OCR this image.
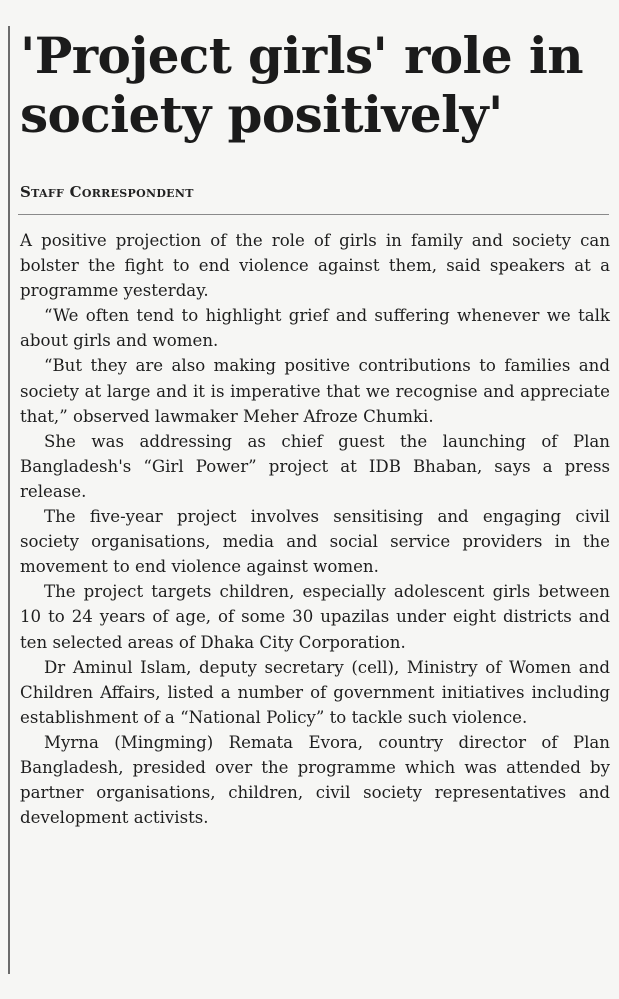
'Project girls' role in
society positively'
Staff Correspondent

A positive projection of the role of girls in family and society can bolster the fight to end violence against them, said speakers at a programme yesterday.

“We often tend to highlight grief and suffering whenever we talk about girls and women.

“But they are also making positive contributions to families and society at large and it is imperative that we recognise and appreciate that,” observed lawmaker Meher Afroze Chumki.

She was addressing as chief guest the launching of Plan Bangladesh's “Girl Power” project at IDB Bhaban, says a press release.

The five-year project involves sensitising and engaging civil society organisations, media and social service providers in the movement to end violence against women.

The project targets children, especially adolescent girls between 10 to 24 years of age, of some 30 upazilas under eight districts and ten selected areas of Dhaka City Corporation.

Dr Aminul Islam, deputy secretary (cell), Ministry of Women and Children Affairs, listed a number of government initiatives including establishment of a “National Policy” to tackle such violence.

Myrna (Mingming) Remata Evora, country director of Plan Bangladesh, presided over the programme which was attended by partner organisations, children, civil society representatives and development activists.
